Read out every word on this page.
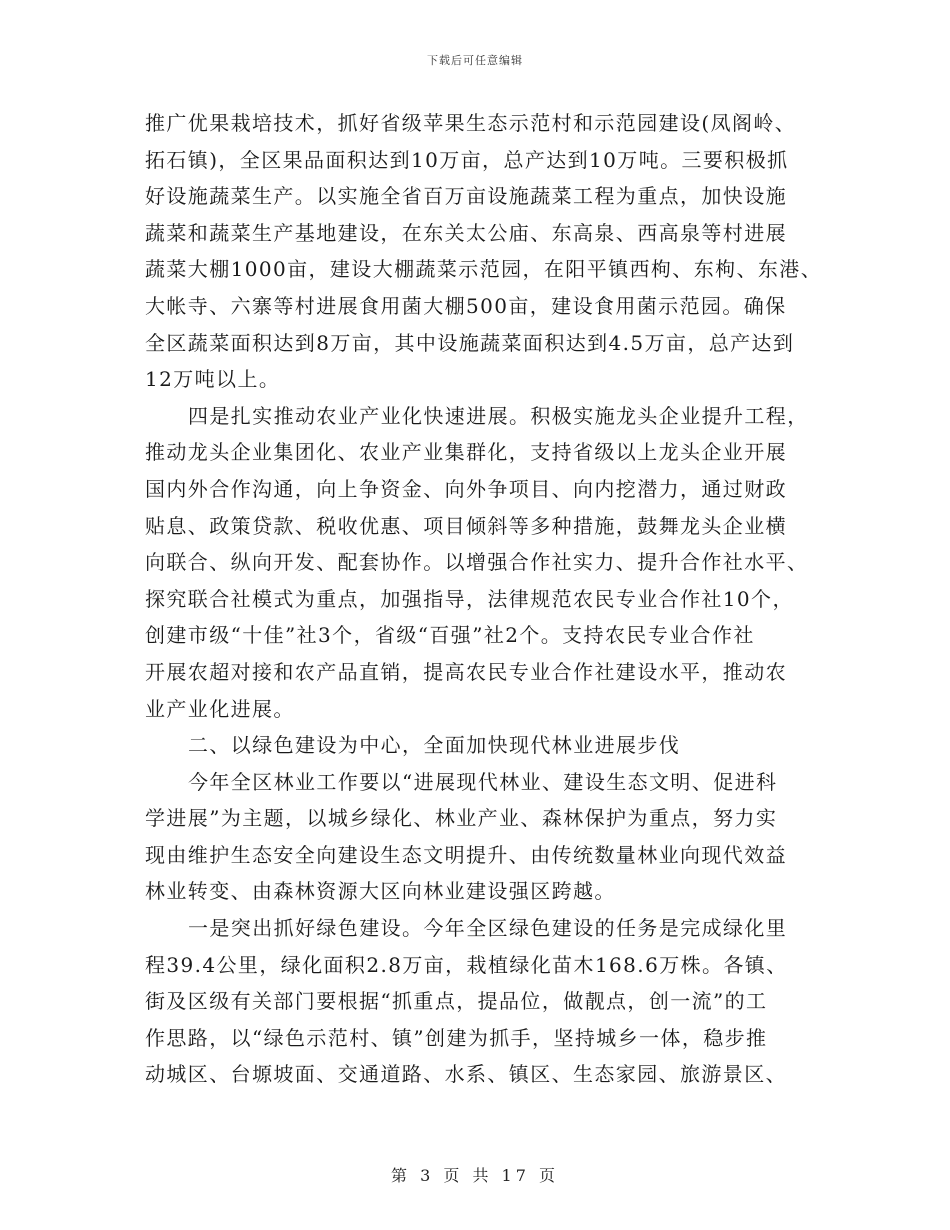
下载后可任意编辑
推广优果栽培技术，抓好省级苹果生态示范村和示范园建设(凤阁岭、
拓石镇)，全区果品面积达到10万亩，总产达到10万吨。三要积极抓
好设施蔬菜生产。以实施全省百万亩设施蔬菜工程为重点，加快设施
蔬菜和蔬菜生产基地建设，在东关太公庙、东高泉、西高泉等村进展
蔬菜大棚1000亩，建设大棚蔬菜示范园，在阳平镇西枸、东枸、东港、
大帐寺、六寨等村进展食用菌大棚500亩，建设食用菌示范园。确保
全区蔬菜面积达到8万亩，其中设施蔬菜面积达到4.5万亩，总产达到
12万吨以上。
四是扎实推动农业产业化快速进展。积极实施龙头企业提升工程，
推动龙头企业集团化、农业产业集群化，支持省级以上龙头企业开展
国内外合作沟通，向上争资金、向外争项目、向内挖潜力，通过财政
贴息、政策贷款、税收优惠、项目倾斜等多种措施，鼓舞龙头企业横
向联合、纵向开发、配套协作。以增强合作社实力、提升合作社水平、
探究联合社模式为重点，加强指导，法律规范农民专业合作社10个，
创建市级“十佳”社3个，省级“百强”社2个。支持农民专业合作社
开展农超对接和农产品直销，提高农民专业合作社建设水平，推动农
业产业化进展。
二、以绿色建设为中心，全面加快现代林业进展步伐
今年全区林业工作要以“进展现代林业、建设生态文明、促进科
学进展”为主题，以城乡绿化、林业产业、森林保护为重点，努力实
现由维护生态安全向建设生态文明提升、由传统数量林业向现代效益
林业转变、由森林资源大区向林业建设强区跨越。
一是突出抓好绿色建设。今年全区绿色建设的任务是完成绿化里
程39.4公里，绿化面积2.8万亩，栽植绿化苗木168.6万株。各镇、
街及区级有关部门要根据“抓重点，提品位，做靓点，创一流”的工
作思路，以“绿色示范村、镇”创建为抓手，坚持城乡一体，稳步推
动城区、台塬坡面、交通道路、水系、镇区、生态家园、旅游景区、
第 3 页 共 17 页
